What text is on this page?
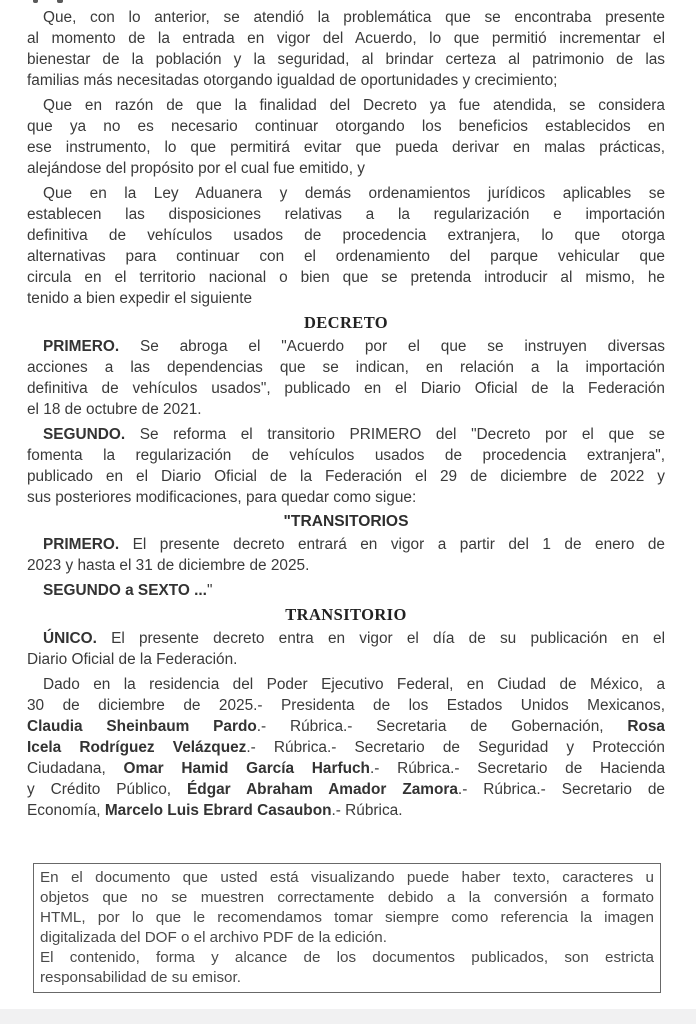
Que, con lo anterior, se atendió la problemática que se encontraba presente
al momento de la entrada en vigor del Acuerdo, lo que permitió incrementar el
bienestar de la población y la seguridad, al brindar certeza al patrimonio de las
familias más necesitadas otorgando igualdad de oportunidades y crecimiento;
Que en razón de que la finalidad del Decreto ya fue atendida, se considera
que ya no es necesario continuar otorgando los beneficios establecidos en
ese instrumento, lo que permitirá evitar que pueda derivar en malas prácticas,
alejándose del propósito por el cual fue emitido, y
Que en la Ley Aduanera y demás ordenamientos jurídicos aplicables se
establecen las disposiciones relativas a la regularización e importación
definitiva de vehículos usados de procedencia extranjera, lo que otorga
alternativas para continuar con el ordenamiento del parque vehicular que
circula en el territorio nacional o bien que se pretenda introducir al mismo, he
tenido a bien expedir el siguiente
DECRETO
PRIMERO. Se abroga el "Acuerdo por el que se instruyen diversas
acciones a las dependencias que se indican, en relación a la importación
definitiva de vehículos usados", publicado en el Diario Oficial de la Federación
el 18 de octubre de 2021.
SEGUNDO. Se reforma el transitorio PRIMERO del "Decreto por el que se
fomenta la regularización de vehículos usados de procedencia extranjera",
publicado en el Diario Oficial de la Federación el 29 de diciembre de 2022 y
sus posteriores modificaciones, para quedar como sigue:
"TRANSITORIOS
PRIMERO. El presente decreto entrará en vigor a partir del 1 de enero de
2023 y hasta el 31 de diciembre de 2025.
SEGUNDO a SEXTO ..."
TRANSITORIO
ÚNICO. El presente decreto entra en vigor el día de su publicación en el
Diario Oficial de la Federación.
Dado en la residencia del Poder Ejecutivo Federal, en Ciudad de México, a
30 de diciembre de 2025.- Presidenta de los Estados Unidos Mexicanos,
Claudia Sheinbaum Pardo.- Rúbrica.- Secretaria de Gobernación, Rosa
Icela Rodríguez Velázquez.- Rúbrica.- Secretario de Seguridad y Protección
Ciudadana, Omar Hamid García Harfuch.- Rúbrica.- Secretario de Hacienda
y Crédito Público, Édgar Abraham Amador Zamora.- Rúbrica.- Secretario de
Economía, Marcelo Luis Ebrard Casaubon.- Rúbrica.
En el documento que usted está visualizando puede haber texto, caracteres u
objetos que no se muestren correctamente debido a la conversión a formato
HTML, por lo que le recomendamos tomar siempre como referencia la imagen
digitalizada del DOF o el archivo PDF de la edición.
El contenido, forma y alcance de los documentos publicados, son estricta
responsabilidad de su emisor.
